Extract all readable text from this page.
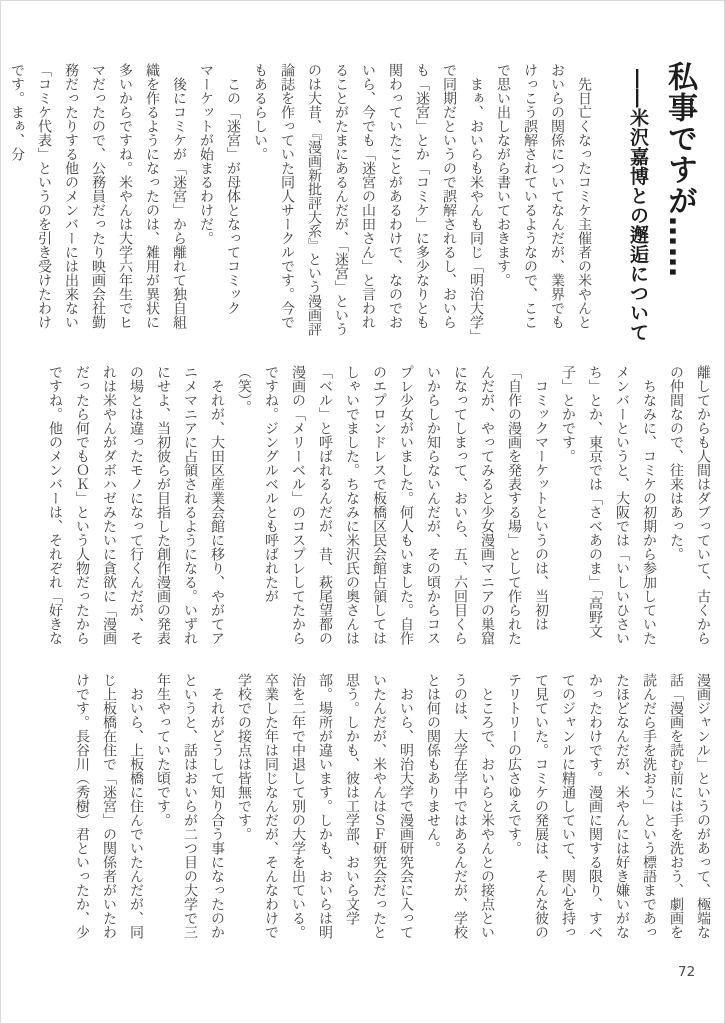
私事ですが……

――米沢嘉博との邂逅について

先日亡くなったコミケ主催者の米やんとおいらの関係についてなんだが、業界でもけっこう誤解されているようなので、ここで思い出しながら書いておきます。

まぁ、おいらも米やんも同じ「明治大学」で同期だというので誤解されるし、おいらも「迷宮」とか「コミケ」に多少なりとも関わっていたことがあるわけで、なのでおいら、今でも「迷宮の山田さん」と言われることがたまにあるんだが、「迷宮」というのは大昔、『漫画新批評大系』という漫画評論誌を作っていた同人サークルです。今でもあるらしい。

この「迷宮」が母体となってコミックマーケットが始まるわけだ。

後にコミケが「迷宮」から離れて独自組織を作るようになったのは、雑用が異状に多いからですね。米やんは大学六年生でヒマだったので、公務員だったり映画会社勤務だったりする他のメンバーには出来ない「コミケ代表」というのを引き受けたわけです。まぁ、分

離してからも人間はダブっていて、古くからの仲間なので、往来はあった。

ちなみに、コミケの初期から参加していたメンバーというと、大阪では「いしいひさいち」とか、東京では「さべあのま」「高野文子」とかです。

コミックマーケットというのは、当初は「自作の漫画を発表する場」として作られたんだが、やってみると少女漫画マニアの巣窟になってしまって、おいら、五、六回目くらいからしか知らないんだが、その頃からコスプレ少女がいました。何人もいました。自作のエプロンドレスで板橋区民会館占領してはしゃいでました。ちなみに米沢氏の奥さんは「ベル」と呼ばれるんだが、昔、萩尾望都の漫画の「メリーベル」のコスプレしてたからですね。ジングルベルとも呼ばれたが（笑）。

それが、大田区産業会館に移り、やがてアニメマニアに占領されるようになる。いずれにせよ、当初彼らが目指した創作漫画の発表の場とは違ったモノになって行くんだが、それは米やんがダボハゼみたいに貪欲に「漫画だったら何でもＯＫ」という人物だったからですね。他のメンバーは、それぞれ「好きな

漫画ジャンル」というのがあって、極端な話「漫画を読む前には手を洗おう、劇画を読んだら手を洗おう」という標語まであったほどなんだが、米やんには好き嫌いがなかったわけです。漫画に関する限り、すべてのジャンルに精通していて、関心を持って見ていた。コミケの発展は、そんな彼のテリトリーの広さゆえです。

ところで、おいらと米やんとの接点というのは、大学在学中ではあるんだが、学校とは何の関係もありません。

おいら、明治大学で漫画研究会に入っていたんだが、米やんはＳＦ研究会だったと思う。しかも、彼は工学部、おいら文学部。場所が違います。しかも、おいらは明治を二年で中退して別の大学を出ている。卒業した年は同じなんだが、そんなわけで学校での接点は皆無です。

それがどうして知り合う事になったのかというと、話はおいらが二つ目の大学で三年生やっていた頃です。

おいら、上板橋に住んでいたんだが、同じ上板橋在住で「迷宮」の関係者がいたわけです。長谷川（秀樹）君といったか、少

72
